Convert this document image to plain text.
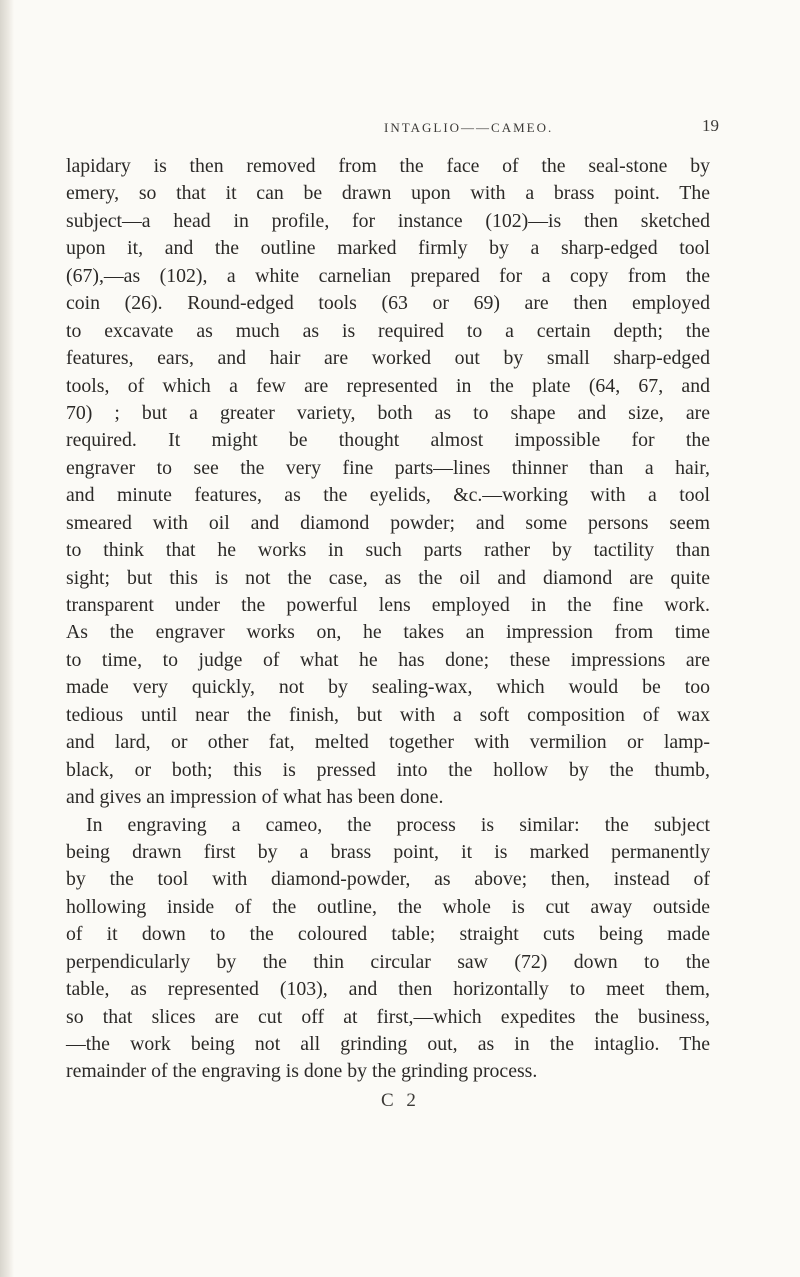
INTAGLIO——CAMEO.	19
lapidary is then removed from the face of the seal-stone by
emery, so that it can be drawn upon with a brass point. The
subject—a head in profile, for instance (102)—is then sketched
upon it, and the outline marked firmly by a sharp-edged tool
(67),—as (102), a white carnelian prepared for a copy from the
coin (26). Round-edged tools (63 or 69) are then employed
to excavate as much as is required to a certain depth; the
features, ears, and hair are worked out by small sharp-edged
tools, of which a few are represented in the plate (64, 67, and
70) ; but a greater variety, both as to shape and size, are
required. It might be thought almost impossible for the
engraver to see the very fine parts—lines thinner than a hair,
and minute features, as the eyelids, &c.—working with a tool
smeared with oil and diamond powder; and some persons seem
to think that he works in such parts rather by tactility than
sight; but this is not the case, as the oil and diamond are quite
transparent under the powerful lens employed in the fine work.
As the engraver works on, he takes an impression from time
to time, to judge of what he has done; these impressions are
made very quickly, not by sealing-wax, which would be too
tedious until near the finish, but with a soft composition of wax
and lard, or other fat, melted together with vermilion or lamp-
black, or both; this is pressed into the hollow by the thumb,
and gives an impression of what has been done.
In engraving a cameo, the process is similar: the subject
being drawn first by a brass point, it is marked permanently
by the tool with diamond-powder, as above; then, instead of
hollowing inside of the outline, the whole is cut away outside
of it down to the coloured table; straight cuts being made
perpendicularly by the thin circular saw (72) down to the
table, as represented (103), and then horizontally to meet them,
so that slices are cut off at first,—which expedites the business,
—the work being not all grinding out, as in the intaglio. The
remainder of the engraving is done by the grinding process.
C 2
